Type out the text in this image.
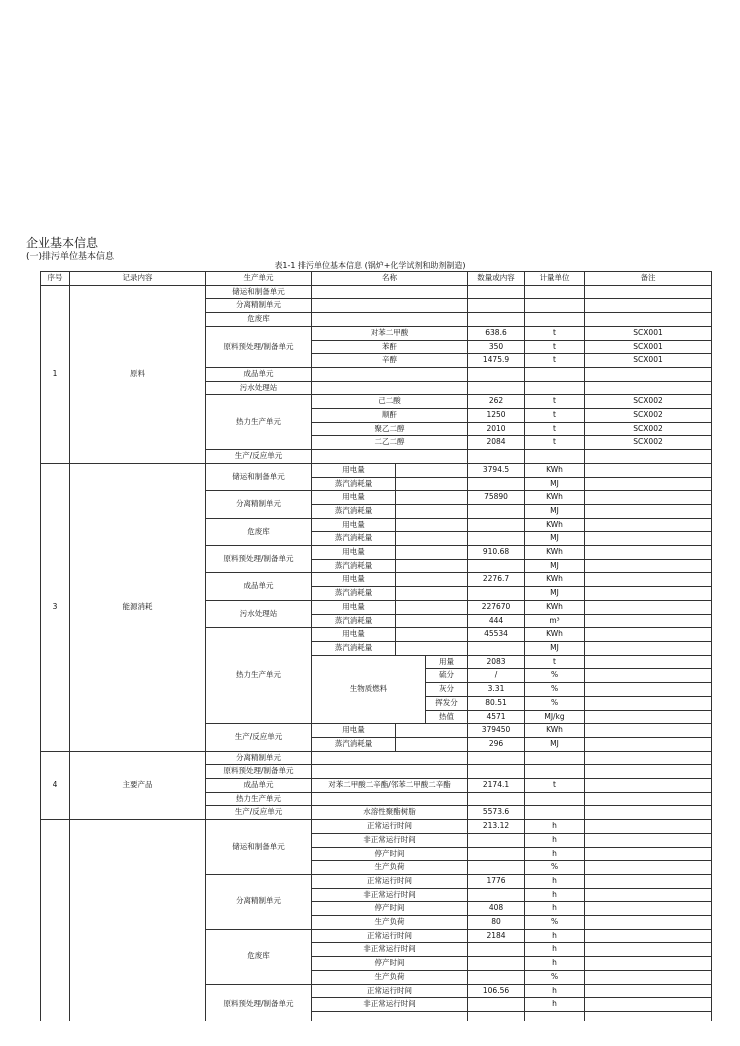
企业基本信息
(一)排污单位基本信息
表1-1 排污单位基本信息 (锅炉+化学试剂和助剂制造)
序号	记录内容	生产单元	名称			数量或内容	计量单位	备注
1	原料	储运和制备单元						
		分离精制单元						
		危废库						
		原料预处理/制备单元	对苯二甲酸			638.6	t	SCX001
			苯酐			350	t	SCX001
			辛醇			1475.9	t	SCX001
		成品单元						
		污水处理站						
		热力生产单元	己二酸			262	t	SCX002
			顺酐			1250	t	SCX002
			聚乙二醇			2010	t	SCX002
			二乙二醇			2084	t	SCX002
		生产/反应单元						
3	能源消耗	储运和制备单元	用电量			3794.5	KWh	
			蒸汽消耗量				MJ	
		分离精制单元	用电量			75890	KWh	
			蒸汽消耗量				MJ	
		危废库	用电量				KWh	
			蒸汽消耗量				MJ	
		原料预处理/制备单元	用电量			910.68	KWh	
			蒸汽消耗量				MJ	
		成品单元	用电量			2276.7	KWh	
			蒸汽消耗量				MJ	
		污水处理站	用电量			227670	KWh	
			蒸汽消耗量			444	m³	
		热力生产单元	用电量			45534	KWh	
			蒸汽消耗量				MJ	
			生物质燃料		用量	2083	t	
					硫分	/	%	
					灰分	3.31	%	
					挥发分	80.51	%	
					热值	4571	MJ/kg	
		生产/反应单元	用电量			379450	KWh	
			蒸汽消耗量			296	MJ	
4	主要产品	分离精制单元						
		原料预处理/制备单元						
		成品单元	对苯二甲酸二辛酯/邻苯二甲酸二辛酯			2174.1	t	
		热力生产单元						
		生产/反应单元	水溶性聚酯树脂			5573.6		
		储运和制备单元	正常运行时间			213.12	h	
			非正常运行时间				h	
			停产时间				h	
			生产负荷				%	
		分离精制单元	正常运行时间			1776	h	
			非正常运行时间				h	
			停产时间			408	h	
			生产负荷			80	%	
		危废库	正常运行时间			2184	h	
			非正常运行时间				h	
			停产时间				h	
			生产负荷				%	
		原料预处理/制备单元	正常运行时间			106.56	h	
			非正常运行时间				h	
